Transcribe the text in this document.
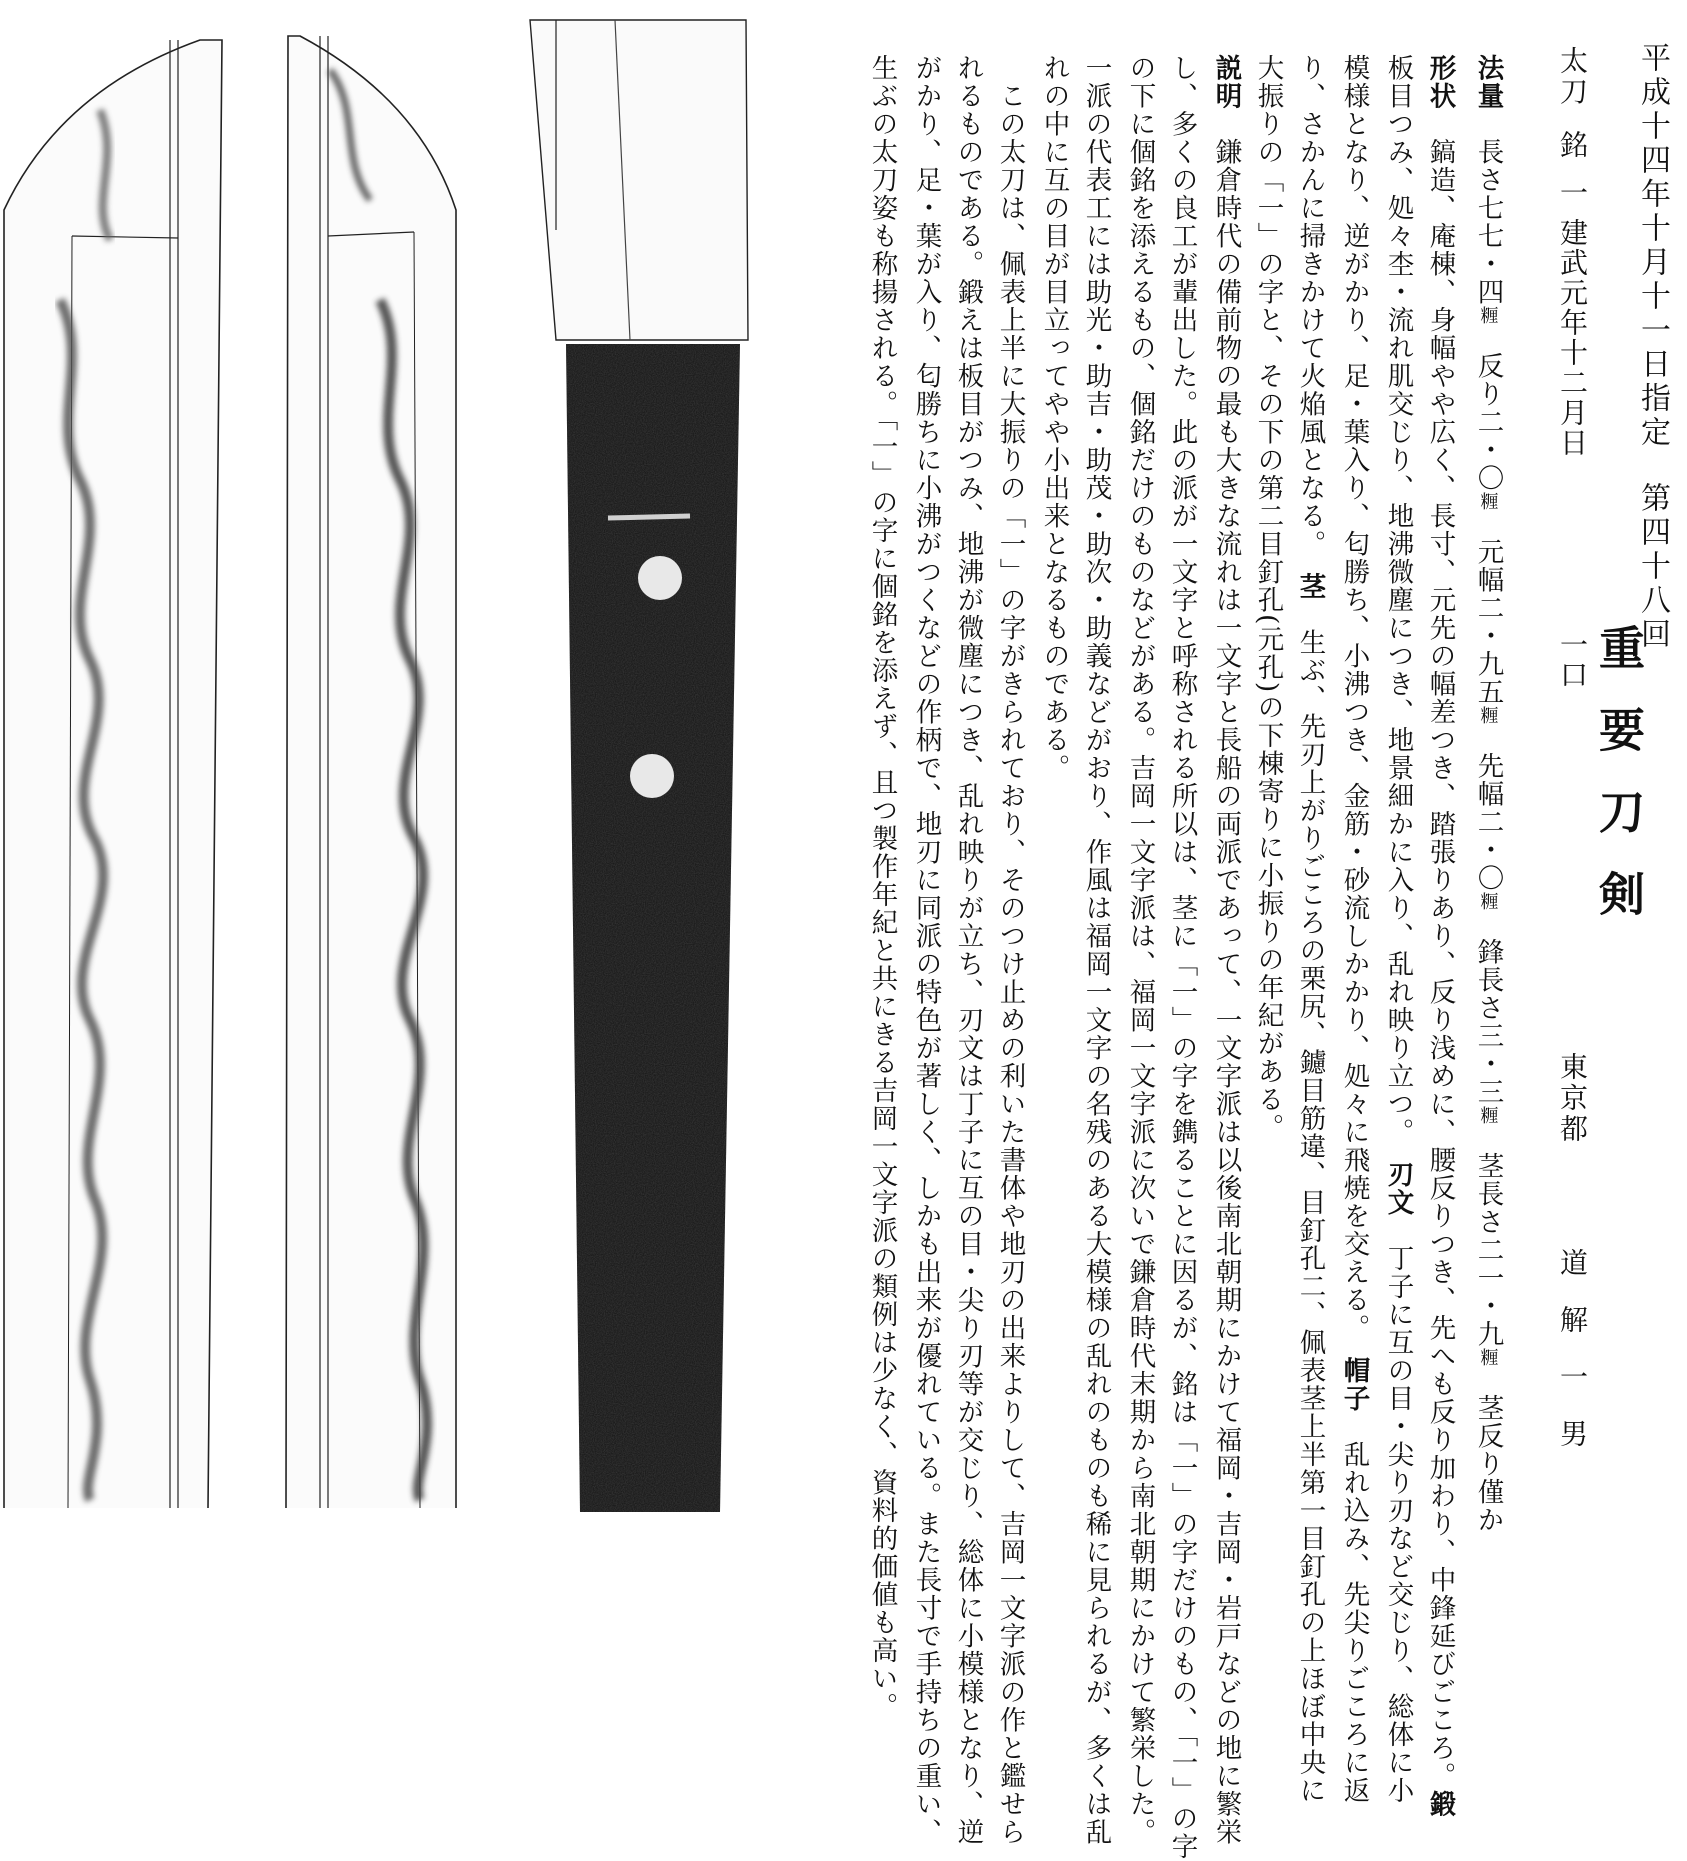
平成十四年十月十一日指定
第四十八回
重 要 刀 剣
太刀
銘
一
建武元年十二月日
一口
東京都
道 解 一 男
法量　長さ七七・四糎　反り二・〇糎　元幅二・九五糎　先幅二・〇糎　鋒長さ三・三糎　茎長さ二一・九糎　茎反り僅か
形状　鎬造、庵棟、身幅やや広く、長寸、元先の幅差つき、踏張りあり、反り浅めに、腰反りつき、先へも反り加わり、中鋒延びごころ。鍛
板目つみ、処々杢・流れ肌交じり、地沸微塵につき、地景細かに入り、乱れ映り立つ。　刃文　丁子に互の目・尖り刃など交じり、総体に小
模様となり、逆がかり、足・葉入り、匂勝ち、小沸つき、金筋・砂流しかかり、処々に飛焼を交える。　帽子　乱れ込み、先尖りごころに返
り、さかんに掃きかけて火焔風となる。　茎　生ぶ、先刃上がりごころの栗尻、鑢目筋違、目釘孔二、佩表茎上半第一目釘孔の上ほぼ中央に
大振りの「一」の字と、その下の第二目釘孔(元孔)の下棟寄りに小振りの年紀がある。
説明　鎌倉時代の備前物の最も大きな流れは一文字と長船の両派であって、一文字派は以後南北朝期にかけて福岡・吉岡・岩戸などの地に繁栄
し、多くの良工が輩出した。此の派が一文字と呼称される所以は、茎に「一」の字を鐫ることに因るが、銘は「一」の字だけのもの、「一」の字
の下に個銘を添えるもの、個銘だけのものなどがある。吉岡一文字派は、福岡一文字派に次いで鎌倉時代末期から南北朝期にかけて繁栄した。
一派の代表工には助光・助吉・助茂・助次・助義などがおり、作風は福岡一文字の名残のある大模様の乱れのものも稀に見られるが、多くは乱
れの中に互の目が目立ってやや小出来となるものである。
　この太刀は、佩表上半に大振りの「一」の字がきられており、そのつけ止めの利いた書体や地刃の出来よりして、吉岡一文字派の作と鑑せら
れるものである。鍛えは板目がつみ、地沸が微塵につき、乱れ映りが立ち、刃文は丁子に互の目・尖り刃等が交じり、総体に小模様となり、逆
がかり、足・葉が入り、匂勝ちに小沸がつくなどの作柄で、地刃に同派の特色が著しく、しかも出来が優れている。また長寸で手持ちの重い、
生ぶの太刀姿も称揚される。「一」の字に個銘を添えず、且つ製作年紀と共にきる吉岡一文字派の類例は少なく、資料的価値も高い。
